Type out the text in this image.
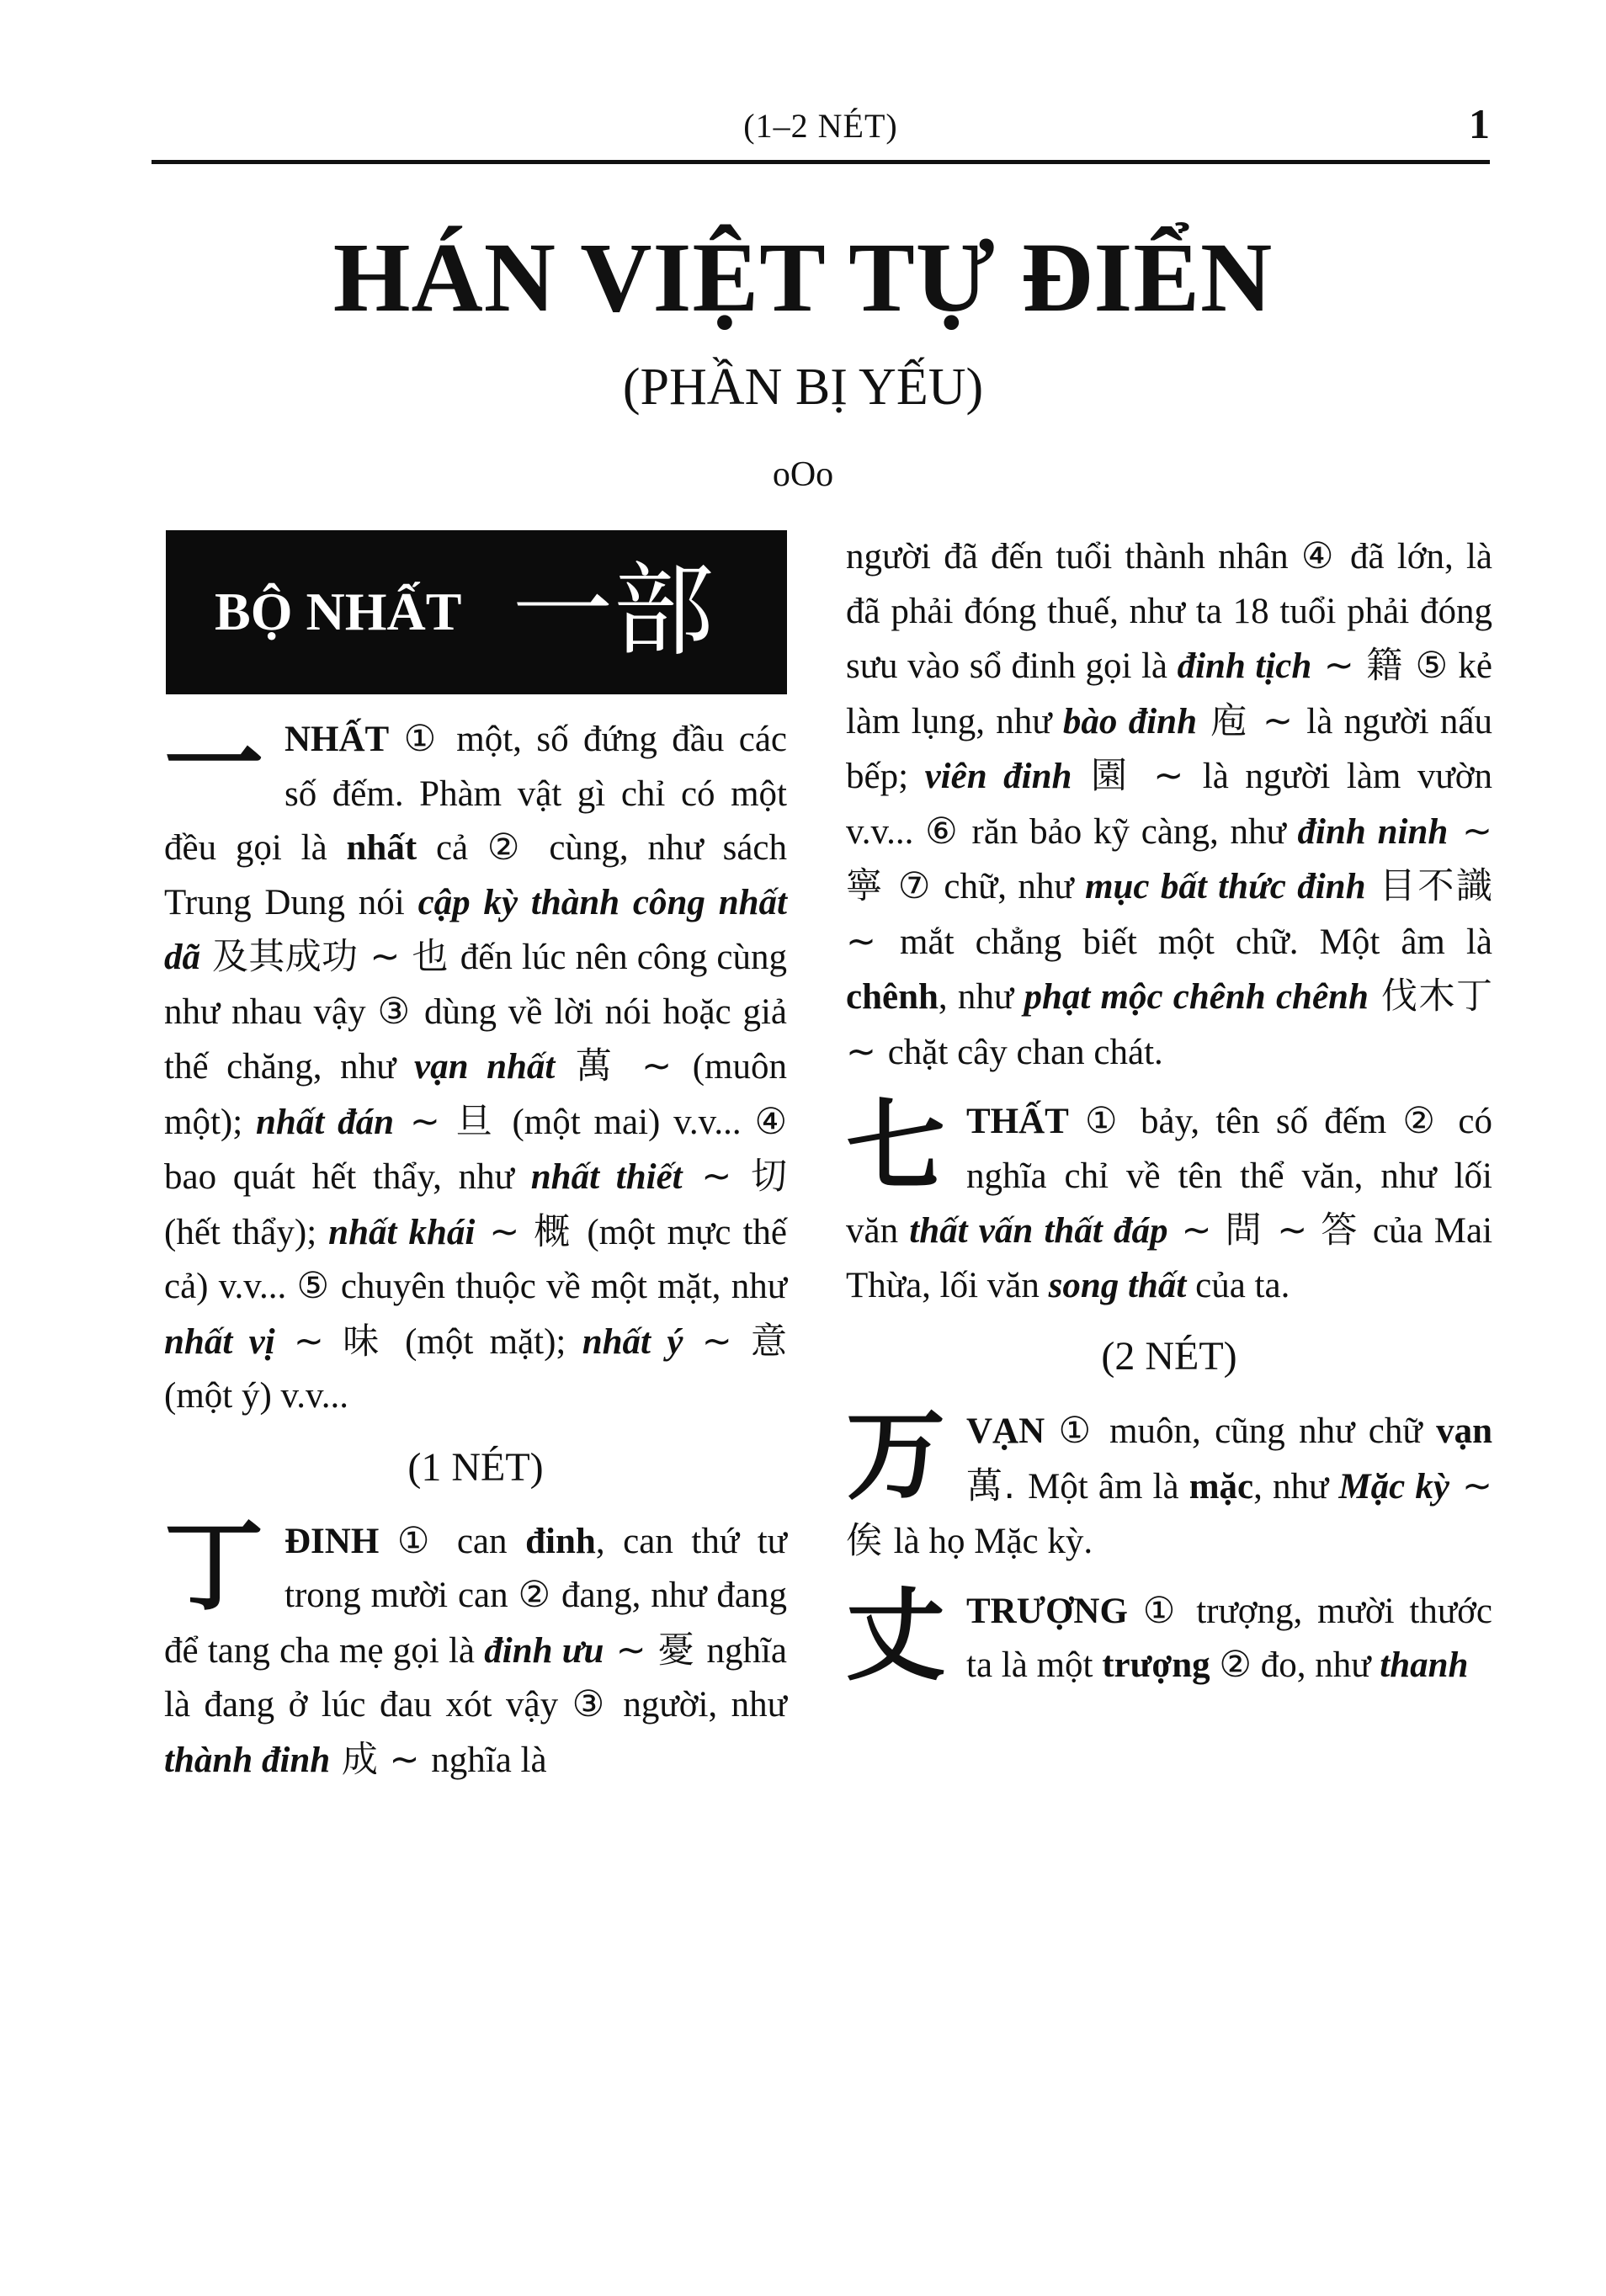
(1–2 NÉT)	1
HÁN VIỆT TỰ ĐIỂN
(PHẦN BỊ YẾU)
oOo
BỘ NHẤT 一部
一 NHẤT ① một, số đứng đầu các số đếm. Phàm vật gì chỉ có một đều gọi là nhất cả ② cùng, như sách Trung Dung nói cập kỳ thành công nhất dã 及其成功 ~ 也 đến lúc nên công cùng như nhau vậy ③ dùng về lời nói hoặc giả thế chăng, như vạn nhất 萬 ~ (muôn một); nhất đán ~ 旦 (một mai) v.v... ④ bao quát hết thẩy, như nhất thiết ~ 切 (hết thẩy); nhất khái ~ 概 (một mực thế cả) v.v... ⑤ chuyên thuộc về một mặt, như nhất vị ~ 味 (một mặt); nhất ý ~ 意 (một ý) v.v...

(1 NÉT)
丁 ĐINH ① can đinh, can thứ tư trong mười can ② đang, như đang để tang cha mẹ gọi là đinh ưu ~ 憂 nghĩa là đang ở lúc đau xót vậy ③ người, như thành đinh 成 ~ nghĩa là

người đã đến tuổi thành nhân ④ đã lớn, là đã phải đóng thuế, như ta 18 tuổi phải đóng sưu vào sổ đinh gọi là đinh tịch ~ 籍 ⑤ kẻ làm lụng, như bào đinh 庖 ~ là người nấu bếp; viên đinh 園 ~ là người làm vườn v.v... ⑥ răn bảo kỹ càng, như đinh ninh ~ 寧 ⑦ chữ, như mục bất thức đinh 目不識 ~ mắt chẳng biết một chữ. Một âm là chênh, như phạt mộc chênh chênh 伐木丁 ~ chặt cây chan chát.

七 THẤT ① bảy, tên số đếm ② có nghĩa chỉ về tên thể văn, như lối văn thất vấn thất đáp ~ 問 ~ 答 của Mai Thừa, lối văn song thất của ta.

(2 NÉT)
万 VẠN ① muôn, cũng như chữ vạn 萬. Một âm là mặc, như Mặc kỳ ~ 俟 là họ Mặc kỳ.

丈 TRƯỢNG ① trượng, mười thước ta là một trượng ② đo, như thanh
